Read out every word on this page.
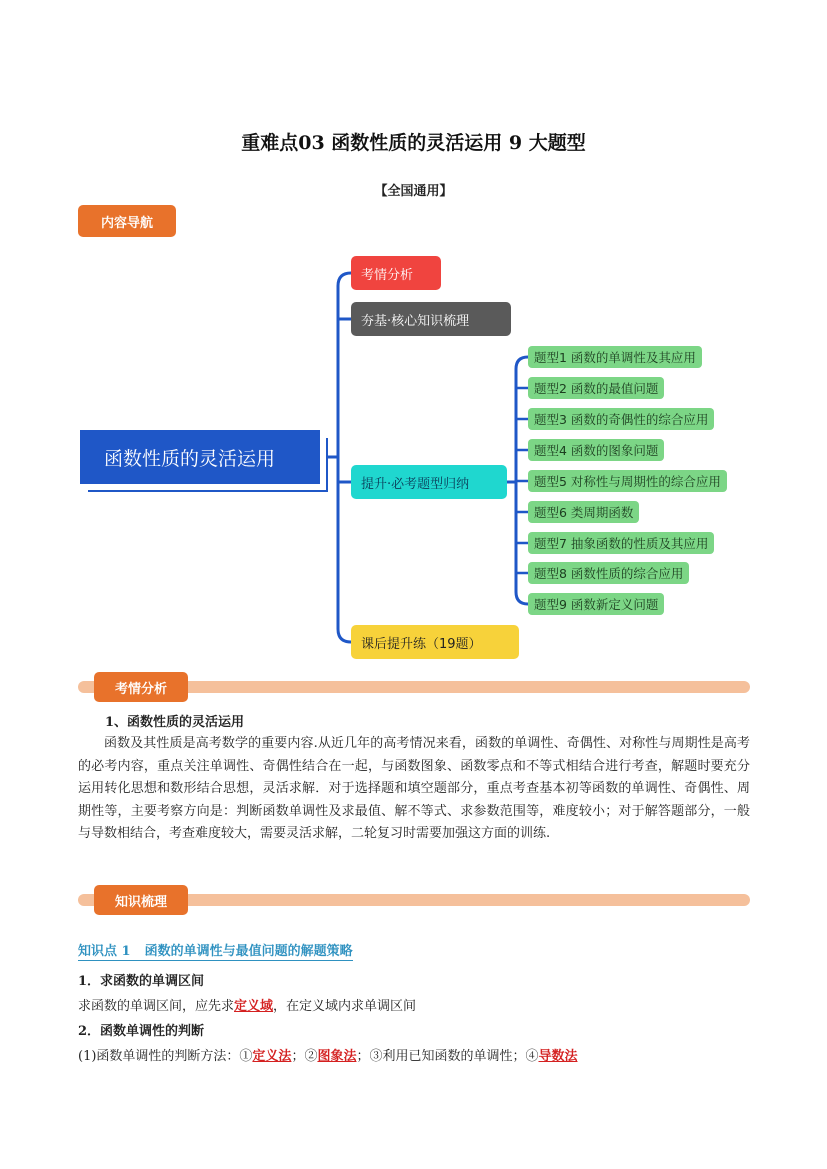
重难点03 函数性质的灵活运用 9 大题型
【全国通用】
内容导航
函数性质的灵活运用
考情分析
夯基·核心知识梳理
提升·必考题型归纳
课后提升练（19题）
题型1 函数的单调性及其应用
题型2 函数的最值问题
题型3 函数的奇偶性的综合应用
题型4 函数的图象问题
题型5 对称性与周期性的综合应用
题型6 类周期函数
题型7 抽象函数的性质及其应用
题型8 函数性质的综合应用
题型9 函数新定义问题
考情分析
1、函数性质的灵活运用
函数及其性质是高考数学的重要内容.从近几年的高考情况来看，函数的单调性、奇偶性、对称性与周期性是高考的必考内容，重点关注单调性、奇偶性结合在一起，与函数图象、函数零点和不等式相结合进行考查，解题时要充分运用转化思想和数形结合思想，灵活求解．对于选择题和填空题部分，重点考查基本初等函数的单调性、奇偶性、周期性等，主要考察方向是：判断函数单调性及求最值、解不等式、求参数范围等，难度较小；对于解答题部分，一般与导数相结合，考查难度较大，需要灵活求解，二轮复习时需要加强这方面的训练.
知识梳理
知识点 1 函数的单调性与最值问题的解题策略
1．求函数的单调区间
求函数的单调区间，应先求定义域，在定义域内求单调区间
2．函数单调性的判断
(1)函数单调性的判断方法：①定义法；②图象法；③利用已知函数的单调性；④导数法
